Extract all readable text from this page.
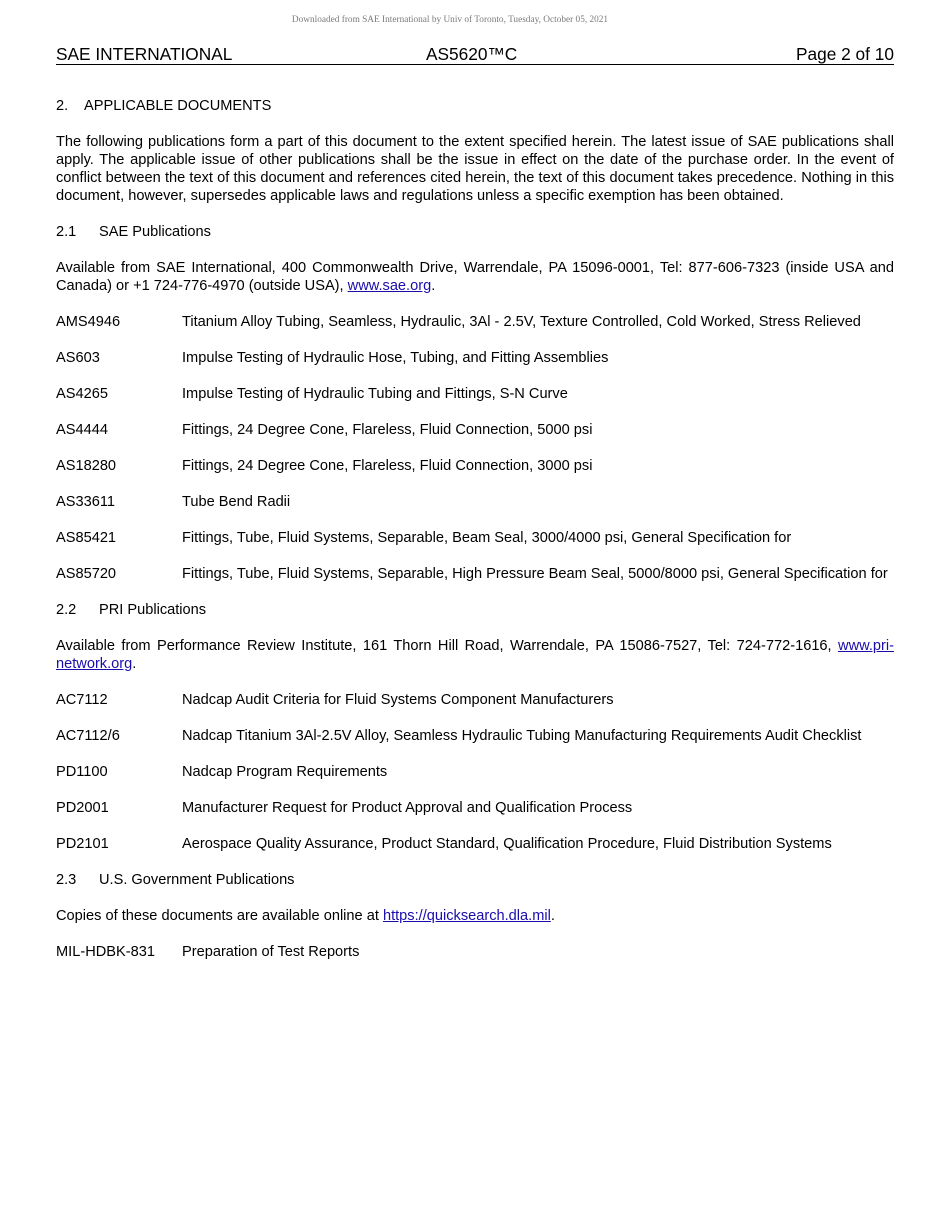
Downloaded from SAE International by Univ of Toronto, Tuesday, October 05, 2021
SAE INTERNATIONAL	AS5620™C	Page 2 of 10
2. APPLICABLE DOCUMENTS

The following publications form a part of this document to the extent specified herein. The latest issue of SAE publications shall apply. The applicable issue of other publications shall be the issue in effect on the date of the purchase order. In the event of conflict between the text of this document and references cited herein, the text of this document takes precedence. Nothing in this document, however, supersedes applicable laws and regulations unless a specific exemption has been obtained.

2.1 SAE Publications

Available from SAE International, 400 Commonwealth Drive, Warrendale, PA 15096-0001, Tel: 877-606-7323 (inside USA and Canada) or +1 724-776-4970 (outside USA), www.sae.org.

AMS4946	Titanium Alloy Tubing, Seamless, Hydraulic, 3Al - 2.5V, Texture Controlled, Cold Worked, Stress Relieved
AS603	Impulse Testing of Hydraulic Hose, Tubing, and Fitting Assemblies
AS4265	Impulse Testing of Hydraulic Tubing and Fittings, S-N Curve
AS4444	Fittings, 24 Degree Cone, Flareless, Fluid Connection, 5000 psi
AS18280	Fittings, 24 Degree Cone, Flareless, Fluid Connection, 3000 psi
AS33611	Tube Bend Radii
AS85421	Fittings, Tube, Fluid Systems, Separable, Beam Seal, 3000/4000 psi, General Specification for
AS85720	Fittings, Tube, Fluid Systems, Separable, High Pressure Beam Seal, 5000/8000 psi, General Specification for
2.2 PRI Publications

Available from Performance Review Institute, 161 Thorn Hill Road, Warrendale, PA 15086-7527, Tel: 724-772-1616, www.pri-network.org.

AC7112	Nadcap Audit Criteria for Fluid Systems Component Manufacturers
AC7112/6	Nadcap Titanium 3Al-2.5V Alloy, Seamless Hydraulic Tubing Manufacturing Requirements Audit Checklist
PD1100	Nadcap Program Requirements
PD2001	Manufacturer Request for Product Approval and Qualification Process
PD2101	Aerospace Quality Assurance, Product Standard, Qualification Procedure, Fluid Distribution Systems
2.3 U.S. Government Publications

Copies of these documents are available online at https://quicksearch.dla.mil.

MIL-HDBK-831	Preparation of Test Reports
